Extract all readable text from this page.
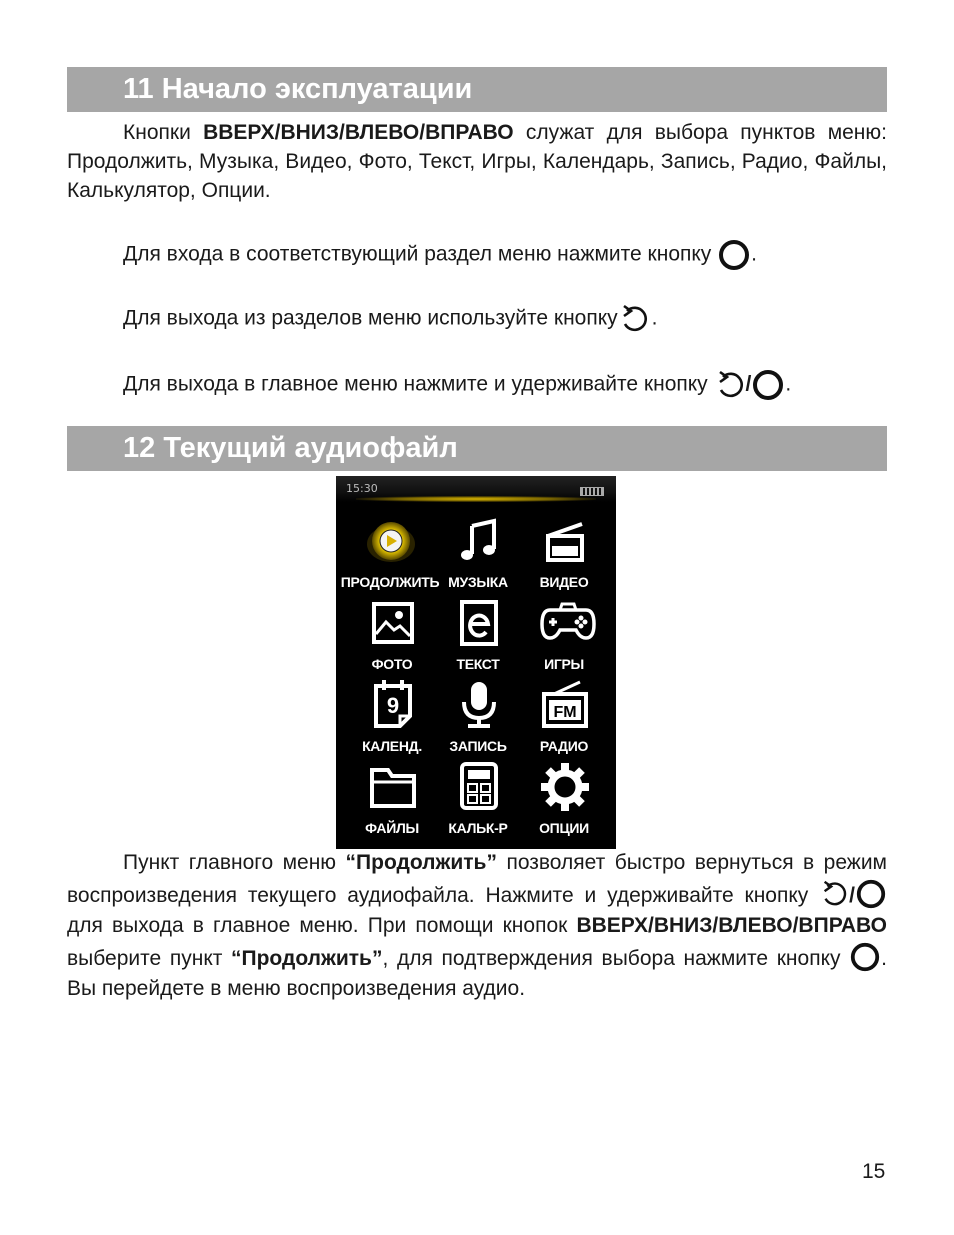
11 Начало эксплуатации

Кнопки ВВЕРХ/ВНИЗ/ВЛЕВО/ВПРАВО служат для выбора пунктов меню: Продолжить, Музыка, Видео, Фото, Текст, Игры, Календарь, Запись, Радио, Файлы, Калькулятор, Опции.

Для входа в соответствующий раздел меню нажмите кнопку .
Для выхода из разделов меню используйте кнопку .
Для выхода в главное меню нажмите и удерживайте кнопку / .
12 Текущий аудиофайл
15:30
ПРОДОЛЖИТЬ МУЗЫКА	ВИДЕО
ФОТО	ТЕКСТ	ИГРЫ
9
КАЛЕНД.	ЗАПИСЬ
FM
РАДИО
ФАЙЛЫ	КАЛЬК-Р	ОПЦИИ

Пункт главного меню “Продолжить” позволяет быстро вернуться в режим воспроизведения текущего аудиофайла. Нажмите и удерживайте кнопку
/
для выхода в главное меню. При помощи кнопок ВВЕРХ/ВНИЗ/ВЛЕВО/ВПРАВО выберите пункт “Продолжить”, для подтверждения выбора нажмите кнопку
. Вы перейдете в меню воспроизведения аудио.

15
